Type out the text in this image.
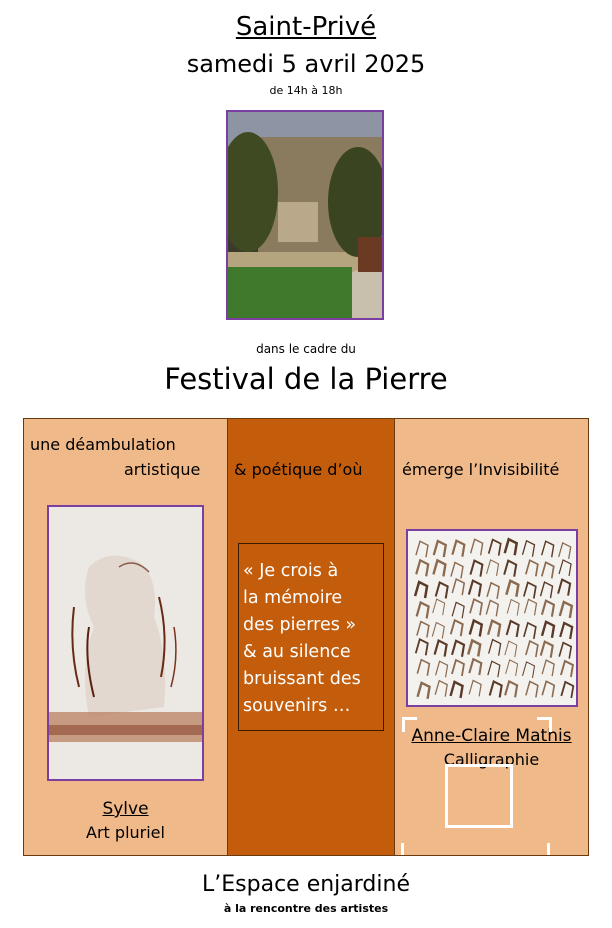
Saint-Privé
samedi 5 avril 2025
de 14h à 18h
dans le cadre du
Festival de la Pierre
une déambulation
artistique
Sylve
Art pluriel
& poétique d’où
« Je crois à
la mémoire
des pierres »
& au silence
bruissant des
souvenirs …
émerge l’Invisibilité
Anne-Claire Mathis
Calligraphie
L’Espace enjardiné
à la rencontre des artistes
